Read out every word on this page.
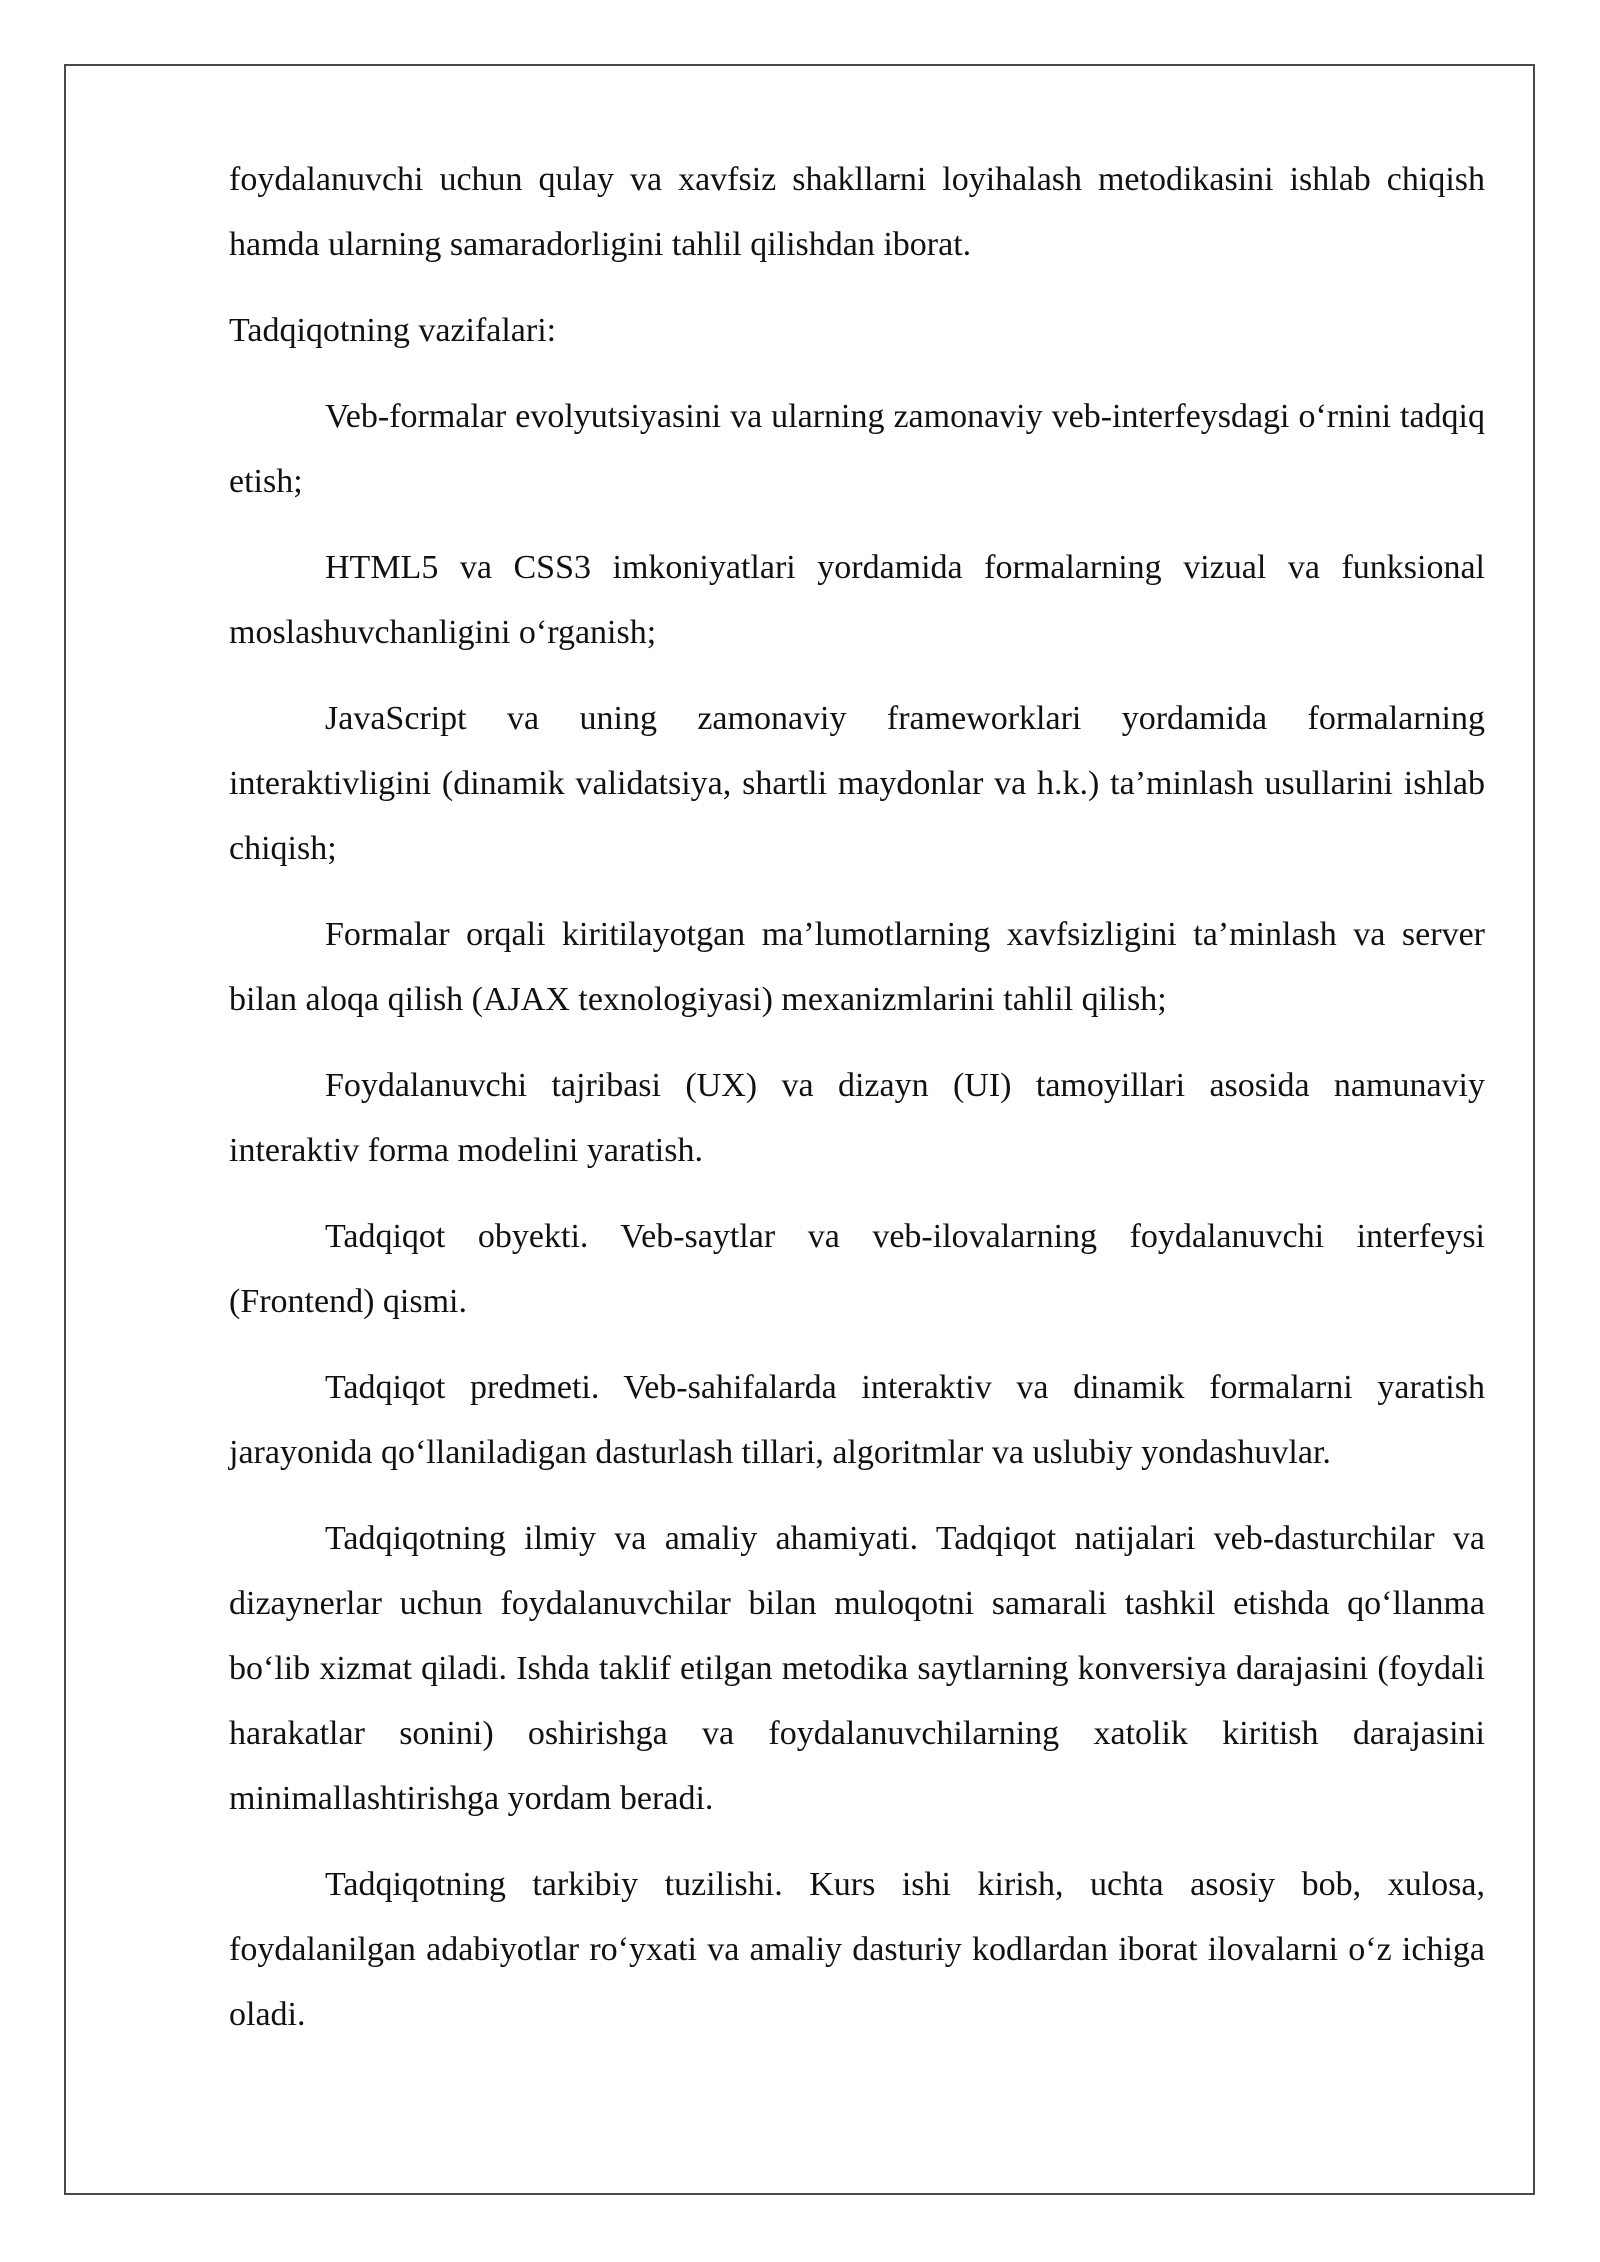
foydalanuvchi uchun qulay va xavfsiz shakllarni loyihalash metodikasini ishlab chiqish hamda ularning samaradorligini tahlil qilishdan iborat.

Tadqiqotning vazifalari:

Veb-formalar evolyutsiyasini va ularning zamonaviy veb-interfeysdagi o‘rnini tadqiq etish;

HTML5 va CSS3 imkoniyatlari yordamida formalarning vizual va funksional moslashuvchanligini o‘rganish;

JavaScript va uning zamonaviy frameworklari yordamida formalarning interaktivligini (dinamik validatsiya, shartli maydonlar va h.k.) ta’minlash usullarini ishlab chiqish;

Formalar orqali kiritilayotgan ma’lumotlarning xavfsizligini ta’minlash va server bilan aloqa qilish (AJAX texnologiyasi) mexanizmlarini tahlil qilish;

Foydalanuvchi tajribasi (UX) va dizayn (UI) tamoyillari asosida namunaviy interaktiv forma modelini yaratish.

Tadqiqot obyekti. Veb-saytlar va veb-ilovalarning foydalanuvchi interfeysi (Frontend) qismi.

Tadqiqot predmeti. Veb-sahifalarda interaktiv va dinamik formalarni yaratish jarayonida qo‘llaniladigan dasturlash tillari, algoritmlar va uslubiy yondashuvlar.

Tadqiqotning ilmiy va amaliy ahamiyati. Tadqiqot natijalari veb-dasturchilar va dizaynerlar uchun foydalanuvchilar bilan muloqotni samarali tashkil etishda qo‘llanma bo‘lib xizmat qiladi. Ishda taklif etilgan metodika saytlarning konversiya darajasini (foydali harakatlar sonini) oshirishga va foydalanuvchilarning xatolik kiritish darajasini minimallashtirishga yordam beradi.

Tadqiqotning tarkibiy tuzilishi. Kurs ishi kirish, uchta asosiy bob, xulosa, foydalanilgan adabiyotlar ro‘yxati va amaliy dasturiy kodlardan iborat ilovalarni o‘z ichiga oladi.
